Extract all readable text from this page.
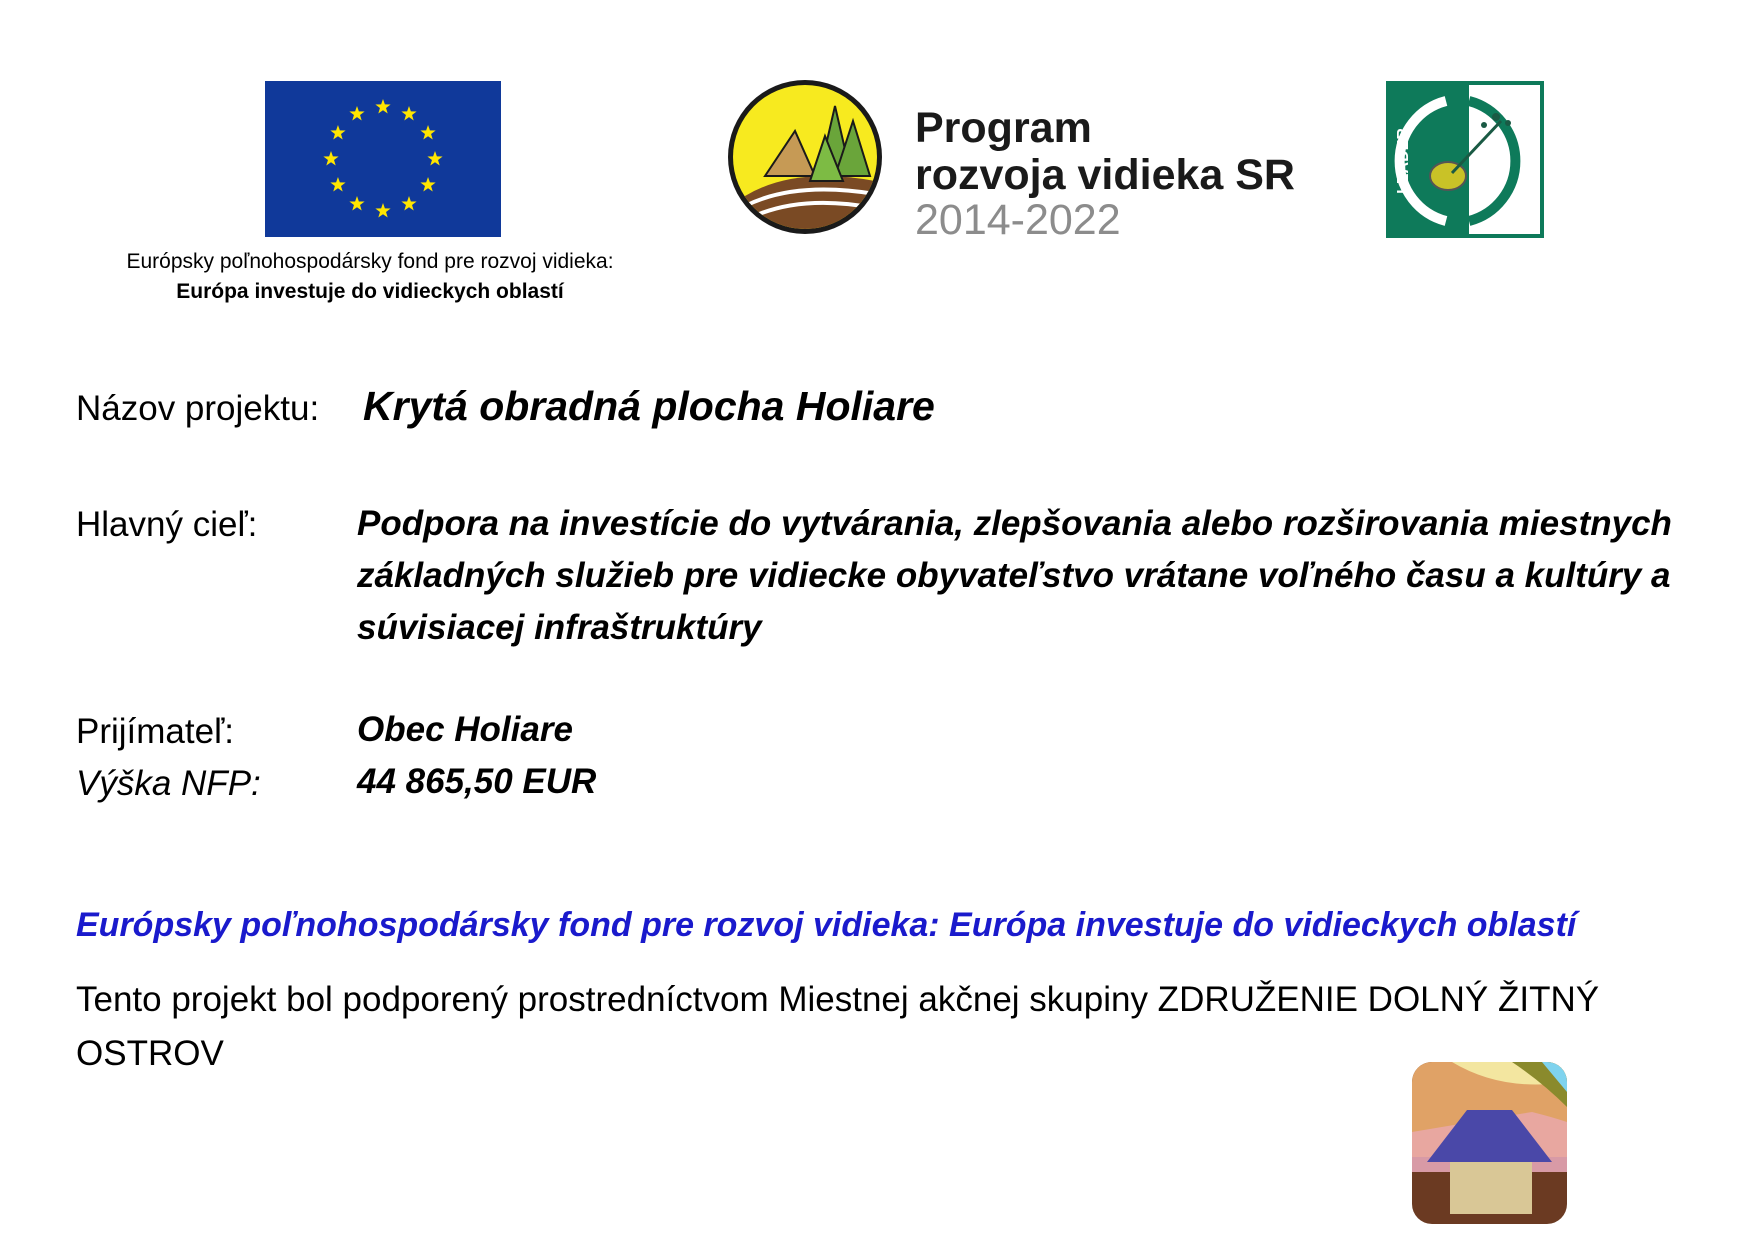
Európsky poľnohospodársky fond pre rozvoj vidieka:
Európa investuje do vidieckych oblastí
Program
rozvoja vidieka SR
2014-2022
LEADER
Názov projektu: Krytá obradná plocha Holiare
Hlavný cieľ:	Podpora na investície do vytvárania, zlepšovania alebo rozširovania miestnych základných služieb pre vidiecke obyvateľstvo vrátane voľného času a kultúry a súvisiacej infraštruktúry
Prijímateľ:	Obec Holiare
Výška NFP:	44 865,50 EUR
Európsky poľnohospodársky fond pre rozvoj vidieka: Európa investuje do vidieckych oblastí
Tento projekt bol podporený prostredníctvom Miestnej akčnej skupiny ZDRUŽENIE DOLNÝ ŽITNÝ OSTROV
